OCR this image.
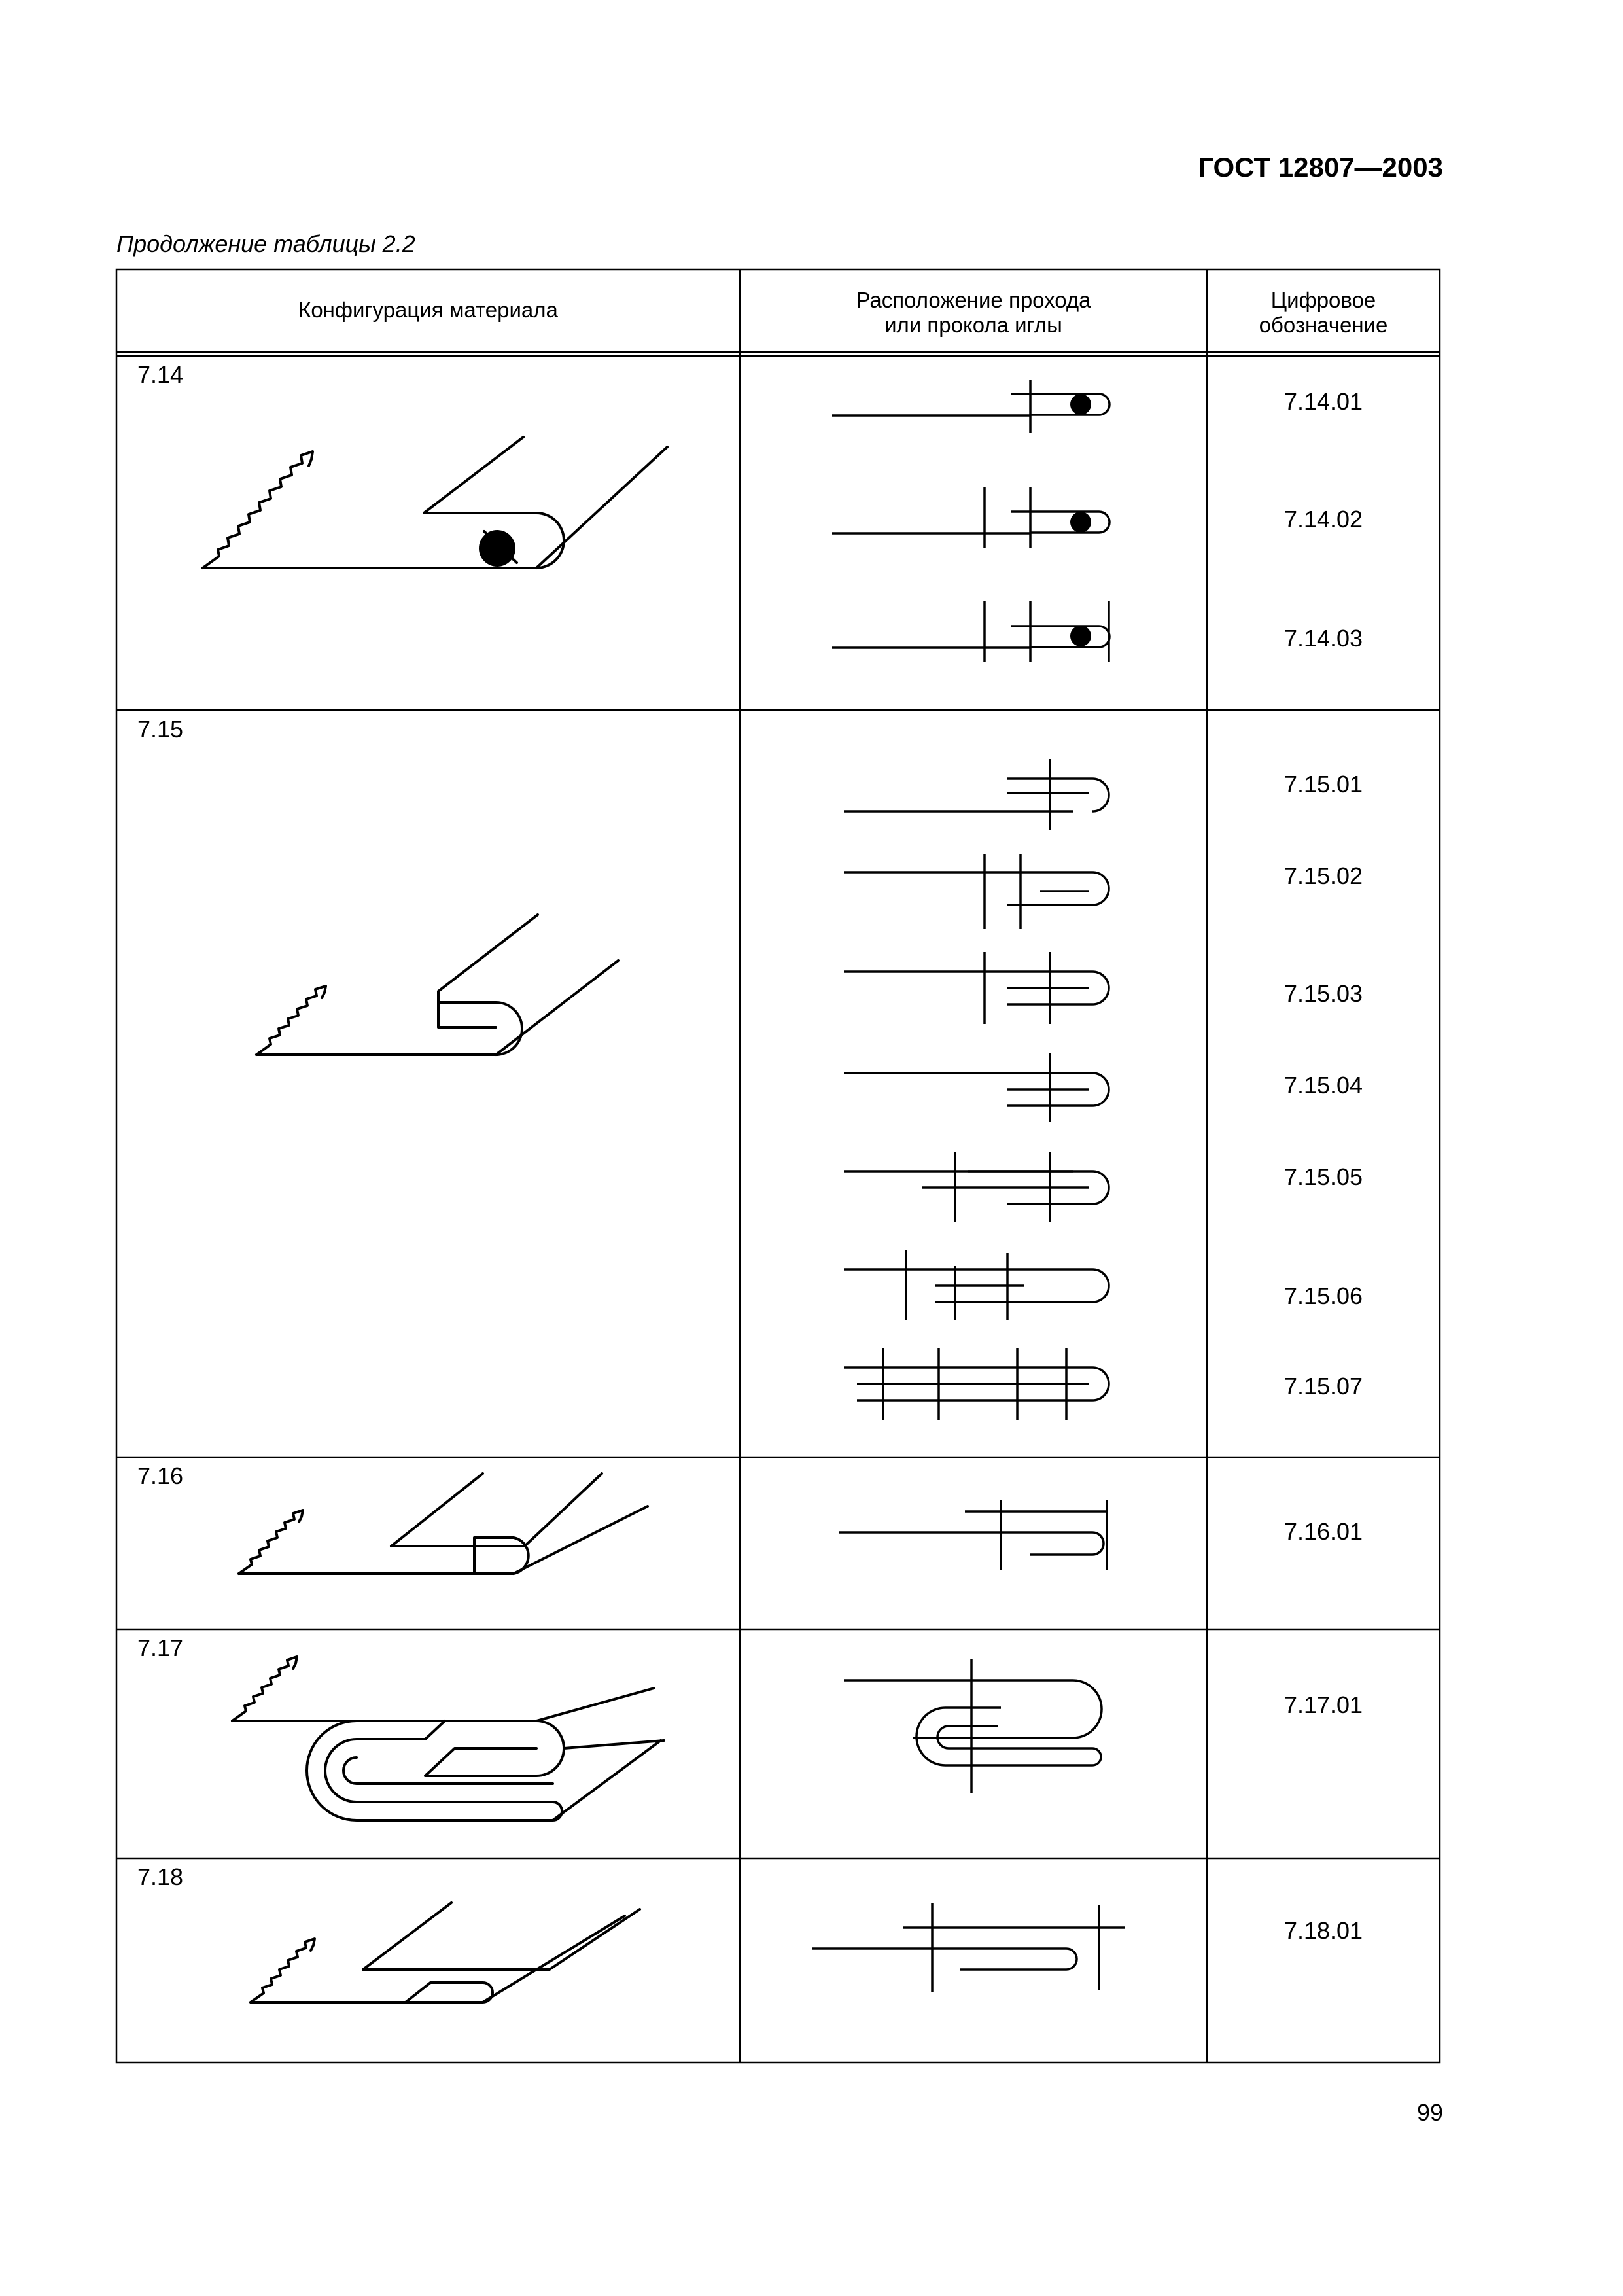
ГОСТ 12807—2003
Продолжение таблицы 2.2
Конфигурация материала	Расположение прохода
или прокола иглы
Цифровое
обозначение
7.14
7.15
7.16
7.17
7.18
7.14.01
7.14.02
7.14.03
7.15.01
7.15.02
7.15.03
7.15.04
7.15.05
7.15.06
7.15.07
7.16.01
7.17.01
7.18.01
99
